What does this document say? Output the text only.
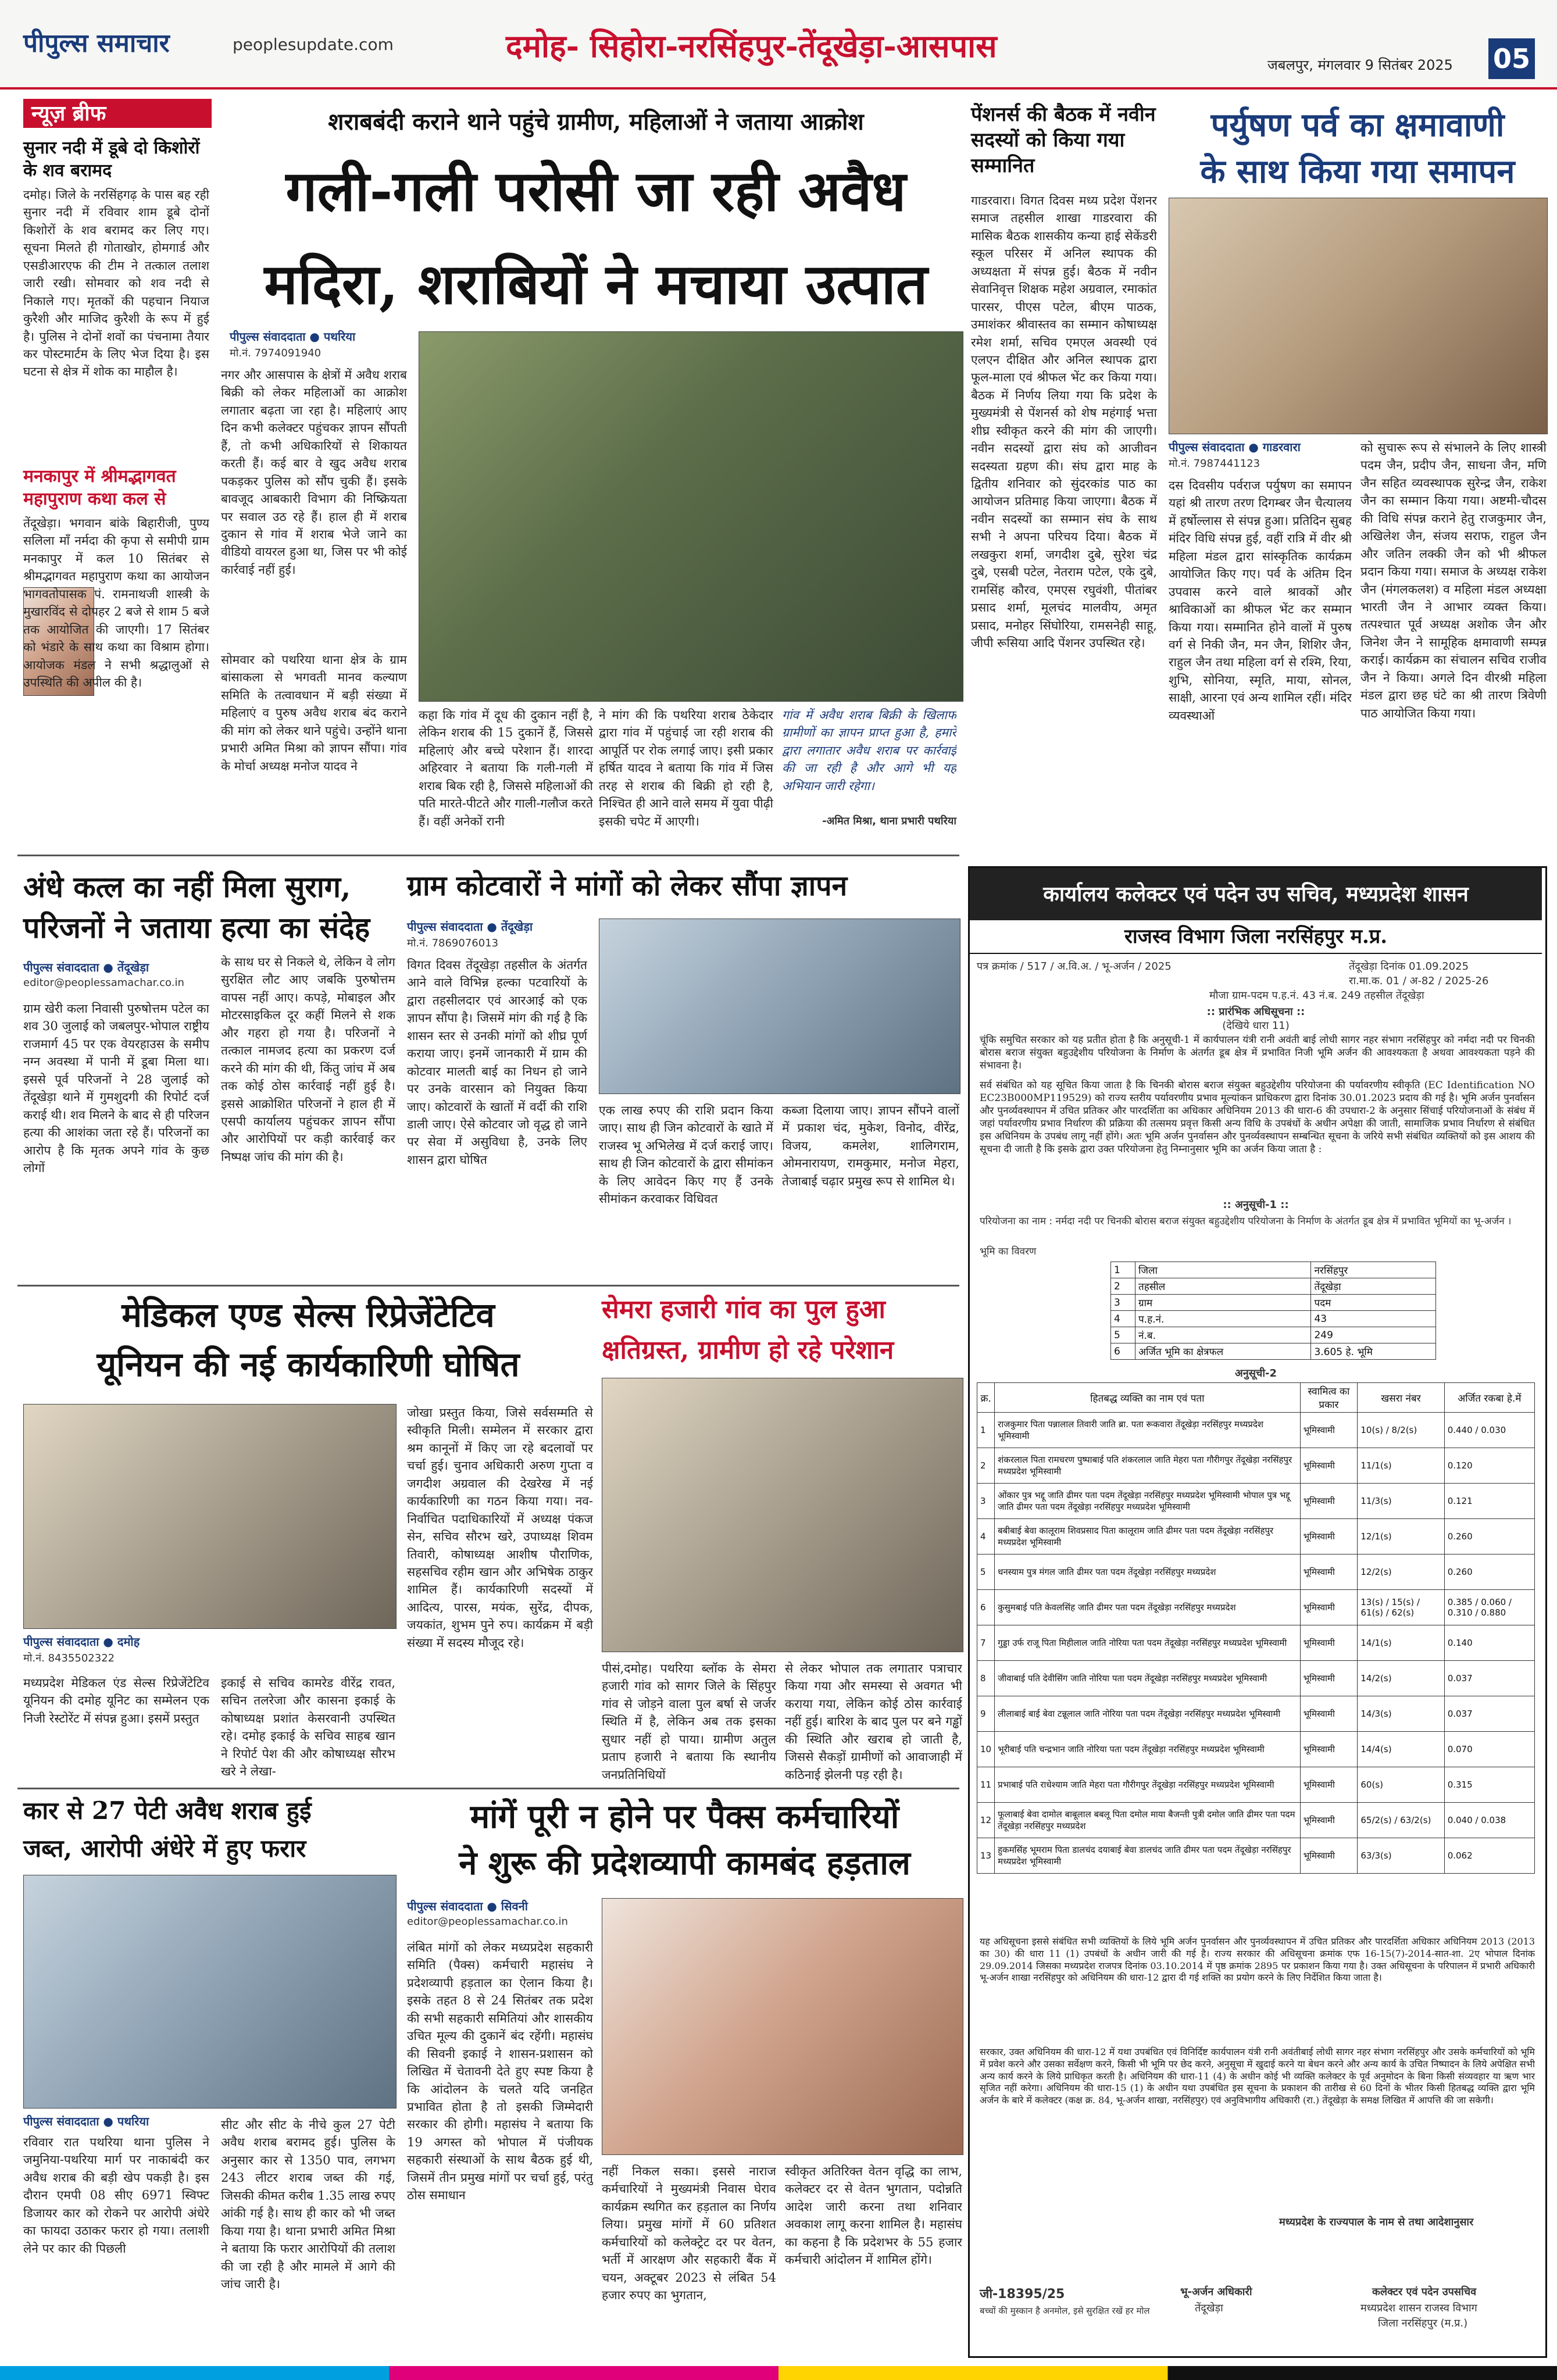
पीपुल्स समाचार	peoplesupdate.com	दमोह- सिहोरा-नरसिंहपुर-तेंदूखेड़ा-आसपास
जबलपुर, मंगलवार 9 सितंबर 2025 05
न्यूज़ ब्रीफ
सुनार नदी में डूबे दो किशोरों के शव बरामद
दमोह। जिले के नरसिंहगढ़ के पास बह रही सुनार नदी में रविवार शाम डूबे दोनों किशोरों के शव बरामद कर लिए गए। सूचना मिलते ही गोताखोर, होमगार्ड और एसडीआरएफ की टीम ने तत्काल तलाश जारी रखी। सोमवार को शव नदी से निकाले गए। मृतकों की पहचान नियाज कुरैशी और माजिद कुरैशी के रूप में हुई है। पुलिस ने दोनों शवों का पंचनामा तैयार कर पोस्टमार्टम के लिए भेज दिया है। इस घटना से क्षेत्र में शोक का माहौल है।
मनकापुर में श्रीमद्भागवत महापुराण कथा कल से
तेंदूखेड़ा। भगवान बांके बिहारीजी, पुण्य सलिला माँ नर्मदा की कृपा से समीपी ग्राम मनकापुर में कल 10 सितंबर से श्रीमद्भागवत महापुराण कथा का आयोजन भागवतोपासक पं. रामनाथजी शास्त्री के मुखारविंद से दोपहर 2 बजे से शाम 5 बजे तक आयोजित की जाएगी। 17 सितंबर को भंडारे के साथ कथा का विश्राम होगा। आयोजक मंडल ने सभी श्रद्धालुओं से उपस्थिति की अपील की है।
शराबबंदी कराने थाने पहुंचे ग्रामीण, महिलाओं ने जताया आक्रोश
गली-गली परोसी जा रही अवैध
मदिरा, शराबियों ने मचाया उत्पात
पीपुल्स संवाददाता ● पथरिया
मो.नं. 7974091940
नगर और आसपास के क्षेत्रों में अवैध शराब बिक्री को लेकर महिलाओं का आक्रोश लगातार बढ़ता जा रहा है। महिलाएं आए दिन कभी कलेक्टर पहुंचकर ज्ञापन सौंपती हैं, तो कभी अधिकारियों से शिकायत करती हैं। कई बार वे खुद अवैध शराब पकड़कर पुलिस को सौंप चुकी हैं। इसके बावजूद आबकारी विभाग की निष्क्रियता पर सवाल उठ रहे हैं। हाल ही में शराब दुकान से गांव में शराब भेजे जाने का वीडियो वायरल हुआ था, जिस पर भी कोई कार्रवाई नहीं हुई।
सोमवार को पथरिया थाना क्षेत्र के ग्राम बांसाकला से भगवती मानव कल्याण समिति के तत्वावधान में बड़ी संख्या में महिलाएं व पुरुष अवैध शराब बंद कराने की मांग को लेकर थाने पहुंचे। उन्होंने थाना प्रभारी अमित मिश्रा को ज्ञापन सौंपा। गांव के मोर्चा अध्यक्ष मनोज यादव ने
कहा कि गांव में दूध की दुकान नहीं है, लेकिन शराब की 15 दुकानें हैं, जिससे महिलाएं और बच्चे परेशान हैं। शारदा अहिरवार ने बताया कि गली-गली में शराब बिक रही है, जिससे महिलाओं की पति मारते-पीटते और गाली-गलौज करते हैं। वहीं अनेकों रानी
ने मांग की कि पथरिया शराब ठेकेदार द्वारा गांव में पहुंचाई जा रही शराब की आपूर्ति पर रोक लगाई जाए। इसी प्रकार हर्षित यादव ने बताया कि गांव में जिस तरह से शराब की बिक्री हो रही है, निश्चित ही आने वाले समय में युवा पीढ़ी इसकी चपेट में आएगी।
गांव में अवैध शराब बिक्री के खिलाफ ग्रामीणों का ज्ञापन प्राप्त हुआ है, हमारे द्वारा लगातार अवैध शराब पर कार्रवाई की जा रही है और आगे भी यह अभियान जारी रहेगा।
-अमित मिश्रा, थाना प्रभारी पथरिया
पेंशनर्स की बैठक में नवीन सदस्यों को किया गया सम्मानित
गाडरवारा। विगत दिवस मध्य प्रदेश पेंशनर समाज तहसील शाखा गाडरवारा की मासिक बैठक शासकीय कन्या हाई सेकेंडरी स्कूल परिसर में अनिल स्थापक की अध्यक्षता में संपन्न हुई। बैठक में नवीन सेवानिवृत्त शिक्षक महेश अग्रवाल, रमाकांत पारसर, पीएस पटेल, बीएम पाठक, उमाशंकर श्रीवास्तव का सम्मान कोषाध्यक्ष रमेश शर्मा, सचिव एमएल अवस्थी एवं एलएन दीक्षित और अनिल स्थापक द्वारा फूल-माला एवं श्रीफल भेंट कर किया गया। बैठक में निर्णय लिया गया कि प्रदेश के मुख्यमंत्री से पेंशनर्स को शेष महंगाई भत्ता शीघ्र स्वीकृत करने की मांग की जाएगी। नवीन सदस्यों द्वारा संघ को आजीवन सदस्यता ग्रहण की। संघ द्वारा माह के द्वितीय शनिवार को सुंदरकांड पाठ का आयोजन प्रतिमाह किया जाएगा। बैठक में नवीन सदस्यों का सम्मान संघ के साथ सभी ने अपना परिचय दिया। बैठक में लखकुरा शर्मा, जगदीश दुबे, सुरेश चंद्र दुबे, एसबी पटेल, नेतराम पटेल, एके दुबे, रामसिंह कौरव, एमएस रघुवंशी, पीतांबर प्रसाद शर्मा, मूलचंद मालवीय, अमृत प्रसाद, मनोहर सिंघोरिया, रामसनेही साहू, जीपी रूसिया आदि पेंशनर उपस्थित रहे।
पर्युषण पर्व का क्षमावाणी
के साथ किया गया समापन
पीपुल्स संवाददाता ● गाडरवारा
मो.नं. 7987441123
दस दिवसीय पर्वराज पर्युषण का समापन यहां श्री तारण तरण दिगम्बर जैन चैत्यालय में हर्षोल्लास से संपन्न हुआ। प्रतिदिन सुबह मंदिर विधि संपन्न हुई, वहीं रात्रि में वीर श्री महिला मंडल द्वारा सांस्कृतिक कार्यक्रम आयोजित किए गए। पर्व के अंतिम दिन उपवास करने वाले श्रावकों और श्राविकाओं का श्रीफल भेंट कर सम्मान किया गया। सम्मानित होने वालों में पुरुष वर्ग से निकी जैन, मन जैन, शिशिर जैन, राहुल जैन तथा महिला वर्ग से रश्मि, रिया, शुभि, सोनिया, स्मृति, माया, सोनल, साक्षी, आरना एवं अन्य शामिल रहीं। मंदिर व्यवस्थाओं
को सुचारू रूप से संभालने के लिए शास्त्री पदम जैन, प्रदीप जैन, साधना जैन, मणि जैन सहित व्यवस्थापक सुरेन्द्र जैन, राकेश जैन का सम्मान किया गया। अष्टमी-चौदस की विधि संपन्न कराने हेतु राजकुमार जैन, अखिलेश जैन, संजय सराफ, राहुल जैन और जतिन लक्की जैन को भी श्रीफल प्रदान किया गया। समाज के अध्यक्ष राकेश जैन (मंगलकलश) व महिला मंडल अध्यक्षा भारती जैन ने आभार व्यक्त किया। तत्पश्चात पूर्व अध्यक्ष अशोक जैन और जिनेश जैन ने सामूहिक क्षमावाणी सम्पन्न कराई। कार्यक्रम का संचालन सचिव राजीव जैन ने किया। अगले दिन वीरश्री महिला मंडल द्वारा छह घंटे का श्री तारण त्रिवेणी पाठ आयोजित किया गया।
अंधे कत्ल का नहीं मिला सुराग,
परिजनों ने जताया हत्या का संदेह
पीपुल्स संवाददाता ● तेंदूखेड़ा
editor@peoplessamachar.co.in
ग्राम खेरी कला निवासी पुरुषोत्तम पटेल का शव 30 जुलाई को जबलपुर-भोपाल राष्ट्रीय राजमार्ग 45 पर एक वेयरहाउस के समीप नग्न अवस्था में पानी में डूबा मिला था। इससे पूर्व परिजनों ने 28 जुलाई को तेंदूखेड़ा थाने में गुमशुदगी की रिपोर्ट दर्ज कराई थी। शव मिलने के बाद से ही परिजन हत्या की आशंका जता रहे हैं। परिजनों का आरोप है कि मृतक अपने गांव के कुछ लोगों
के साथ घर से निकले थे, लेकिन वे लोग सुरक्षित लौट आए जबकि पुरुषोत्तम वापस नहीं आए। कपड़े, मोबाइल और मोटरसाइकिल दूर कहीं मिलने से शक और गहरा हो गया है। परिजनों ने तत्काल नामजद हत्या का प्रकरण दर्ज करने की मांग की थी, किंतु जांच में अब तक कोई ठोस कार्रवाई नहीं हुई है। इससे आक्रोशित परिजनों ने हाल ही में एसपी कार्यालय पहुंचकर ज्ञापन सौंपा और आरोपियों पर कड़ी कार्रवाई कर निष्पक्ष जांच की मांग की है।
ग्राम कोटवारों ने मांगों को लेकर सौंपा ज्ञापन
पीपुल्स संवाददाता ● तेंदूखेड़ा
मो.नं. 7869076013
विगत दिवस तेंदूखेड़ा तहसील के अंतर्गत आने वाले विभिन्न हल्का पटवारियों के द्वारा तहसीलदार एवं आरआई को एक ज्ञापन सौंपा है। जिसमें मांग की गई है कि शासन स्तर से उनकी मांगों को शीघ्र पूर्ण कराया जाए। इनमें जानकारी में ग्राम की कोटवार मालती बाई का निधन हो जाने पर उनके वारसान को नियुक्त किया जाए। कोटवारों के खातों में वर्दी की राशि डाली जाए। ऐसे कोटवार जो वृद्ध हो जाने पर सेवा में असुविधा है, उनके लिए शासन द्वारा घोषित
एक लाख रुपए की राशि प्रदान किया जाए। साथ ही जिन कोटवारों के खाते में राजस्व भू अभिलेख में दर्ज कराई जाए। साथ ही जिन कोटवारों के द्वारा सीमांकन के लिए आवेदन किए गए हैं उनके सीमांकन करवाकर विधिवत
कब्जा दिलाया जाए। ज्ञापन सौंपने वालों में प्रकाश चंद, मुकेश, विनोद, वीरेंद्र, विजय, कमलेश, शालिगराम, ओमनारायण, रामकुमार, मनोज मेहरा, तेजाबाई चढ़ार प्रमुख रूप से शामिल थे।
मेडिकल एण्ड सेल्स रिप्रेजेंटेटिव
यूनियन की नई कार्यकारिणी घोषित
पीपुल्स संवाददाता ● दमोह
मो.नं. 8435502322
मध्यप्रदेश मेडिकल एंड सेल्स रिप्रेजेंटेटिव यूनियन की दमोह यूनिट का सम्मेलन एक निजी रेस्टोरेंट में संपन्न हुआ। इसमें प्रस्तुत
इकाई से सचिव कामरेड वीरेंद्र रावत, सचिन तलरेजा और कासना इकाई के कोषाध्यक्ष प्रशांत केसरवानी उपस्थित रहे। दमोह इकाई के सचिव साहब खान ने रिपोर्ट पेश की और कोषाध्यक्ष सौरभ खरे ने लेखा-
जोखा प्रस्तुत किया, जिसे सर्वसम्मति से स्वीकृति मिली। सम्मेलन में सरकार द्वारा श्रम कानूनों में किए जा रहे बदलावों पर चर्चा हुई। चुनाव अधिकारी अरुण गुप्ता व जगदीश अग्रवाल की देखरेख में नई कार्यकारिणी का गठन किया गया। नव-निर्वाचित पदाधिकारियों में अध्यक्ष पंकज सेन, सचिव सौरभ खरे, उपाध्यक्ष शिवम तिवारी, कोषाध्यक्ष आशीष पौराणिक, सहसचिव रहीम खान और अभिषेक ठाकुर शामिल हैं। कार्यकारिणी सदस्यों में आदित्य, पारस, मयंक, सुरेंद्र, दीपक, जयकांत, शुभम पुने रुप। कार्यक्रम में बड़ी संख्या में सदस्य मौजूद रहे।
सेमरा हजारी गांव का पुल हुआ
क्षतिग्रस्त, ग्रामीण हो रहे परेशान
पीसं,दमोह। पथरिया ब्लॉक के सेमरा हजारी गांव को सागर जिले के सिंहपुर गांव से जोड़ने वाला पुल बर्षा से जर्जर स्थिति में है, लेकिन अब तक इसका सुधार नहीं हो पाया। ग्रामीण अतुल प्रताप हजारी ने बताया कि स्थानीय जनप्रतिनिधियों
से लेकर भोपाल तक लगातार पत्राचार किया गया और समस्या से अवगत भी कराया गया, लेकिन कोई ठोस कार्रवाई नहीं हुई। बारिश के बाद पुल पर बने गड्ढों की स्थिति और खराब हो जाती है, जिससे सैकड़ों ग्रामीणों को आवाजाही में कठिनाई झेलनी पड़ रही है।
कार से 27 पेटी अवैध शराब हुई
जब्त, आरोपी अंधेरे में हुए फरार
पीपुल्स संवाददाता ● पथरिया
रविवार रात पथरिया थाना पुलिस ने जमुनिया-पथरिया मार्ग पर नाकाबंदी कर अवैध शराब की बड़ी खेप पकड़ी है। इस दौरान एमपी 08 सीए 6971 स्विफ्ट डिजायर कार को रोकने पर आरोपी अंधेरे का फायदा उठाकर फरार हो गया। तलाशी लेने पर कार की पिछली
सीट और सीट के नीचे कुल 27 पेटी अवैध शराब बरामद हुई। पुलिस के अनुसार कार से 1350 पाव, लगभग 243 लीटर शराब जब्त की गई, जिसकी कीमत करीब 1.35 लाख रुपए आंकी गई है। साथ ही कार को भी जब्त किया गया है। थाना प्रभारी अमित मिश्रा ने बताया कि फरार आरोपियों की तलाश की जा रही है और मामले में आगे की जांच जारी है।
मांगें पूरी न होने पर पैक्स कर्मचारियों
ने शुरू की प्रदेशव्यापी कामबंद हड़ताल
पीपुल्स संवाददाता ● सिवनी
editor@peoplessamachar.co.in
लंबित मांगों को लेकर मध्यप्रदेश सहकारी समिति (पैक्स) कर्मचारी महासंघ ने प्रदेशव्यापी हड़ताल का ऐलान किया है। इसके तहत 8 से 24 सितंबर तक प्रदेश की सभी सहकारी समितियां और शासकीय उचित मूल्य की दुकानें बंद रहेंगी। महासंघ की सिवनी इकाई ने शासन-प्रशासन को लिखित में चेतावनी देते हुए स्पष्ट किया है कि आंदोलन के चलते यदि जनहित प्रभावित होता है तो इसकी जिम्मेदारी सरकार की होगी। महासंघ ने बताया कि 19 अगस्त को भोपाल में पंजीयक सहकारी संस्थाओं के साथ बैठक हुई थी, जिसमें तीन प्रमुख मांगों पर चर्चा हुई, परंतु ठोस समाधान
नहीं निकल सका। इससे नाराज कर्मचारियों ने मुख्यमंत्री निवास घेराव कार्यक्रम स्थगित कर हड़ताल का निर्णय लिया। प्रमुख मांगों में 60 प्रतिशत कर्मचारियों को कलेक्ट्रेट दर पर वेतन, भर्ती में आरक्षण और सहकारी बैंक में चयन, अक्टूबर 2023 से लंबित 54 हजार रुपए का भुगतान,
स्वीकृत अतिरिक्त वेतन वृद्धि का लाभ, कलेक्टर दर से वेतन भुगतान, पदोन्नति आदेश जारी करना तथा शनिवार अवकाश लागू करना शामिल है। महासंघ का कहना है कि प्रदेशभर के 55 हजार कर्मचारी आंदोलन में शामिल होंगे।
कार्यालय कलेक्टर एवं पदेन उप सचिव, मध्यप्रदेश शासन
राजस्व विभाग जिला नरसिंहपुर म.प्र.
पत्र क्रमांक / 517 / अ.वि.अ. / भू-अर्जन / 2025	तेंदूखेड़ा दिनांक 01.09.2025
रा.मा.क. 01 / अ-82 / 2025-26
मौजा ग्राम-पदम प.ह.नं. 43 नं.ब. 249 तहसील तेंदूखेड़ा
:: प्रारंभिक अधिसूचना ::
(देखिये धारा 11)
चूंकि समुचित सरकार को यह प्रतीत होता है कि अनुसूची-1 में कार्यपालन यंत्री रानी अवंती बाई लोधी सागर नहर संभाग नरसिंहपुर को नर्मदा नदी पर चिनकी बोरास बराज संयुक्त बहुउद्देशीय परियोजना के निर्माण के अंतर्गत डूब क्षेत्र में प्रभावित निजी भूमि अर्जन की आवश्यकता है अथवा आवश्यकता पड़ने की संभावना है।
सर्व संबंधित को यह सूचित किया जाता है कि चिनकी बोरास बराज संयुक्त बहुउद्देशीय परियोजना की पर्यावरणीय स्वीकृति (EC Identification NO EC23B000MP119529) को राज्य स्तरीय पर्यावरणीय प्रभाव मूल्यांकन प्राधिकरण द्वारा दिनांक 30.01.2023 प्रदाय की गई है। भूमि अर्जन पुनर्वासन और पुनर्व्यवस्थापन में उचित प्रतिकर और पारदर्शिता का अधिकार अधिनियम 2013 की धारा-6 की उपधारा-2 के अनुसार सिंचाई परियोजनाओं के संबंध में जहां पर्यावरणीय प्रभाव निर्धारण की प्रक्रिया की तत्समय प्रवृत्त किसी अन्य विधि के उपबंधों के अधीन अपेक्षा की जाती, सामाजिक प्रभाव निर्धारण से संबंधित इस अधिनियम के उपबंध लागू नहीं होंगे। अतः भूमि अर्जन पुनर्वासन और पुनर्व्यवस्थापन सम्बन्धित सूचना के जरिये सभी संबंधित व्यक्तियों को इस आशय की सूचना दी जाती है कि इसके द्वारा उक्त परियोजना हेतु निम्नानुसार भूमि का अर्जन किया जाता है :
:: अनुसूची-1 ::
परियोजना का नाम : नर्मदा नदी पर चिनकी बोरास बराज संयुक्त बहुउद्देशीय परियोजना के निर्माण के अंतर्गत डूब क्षेत्र में प्रभावित भूमियों का भू-अर्जन ।
भूमि का विवरण
1	जिला	नरसिंहपुर
2	तहसील	तेंदूखेड़ा
3	ग्राम	पदम
4	प.ह.नं.	43
5	नं.ब.	249
6	अर्जित भूमि का क्षेत्रफल	3.605 हे. भूमि
अनुसूची-2
क्र.	हितबद्ध व्यक्ति का नाम एवं पता	स्वामित्व का प्रकार	खसरा नंबर	अर्जित रकबा हे.में
1	राजकुमार पिता पन्नालाल तिवारी जाति ब्रा. पता रूकवारा तेंदूखेड़ा नरसिंहपुर मध्यप्रदेश भूमिस्वामी	भूमिस्वामी	10(s) / 8/2(s)	0.440 / 0.030
2	शंकरलाल पिता रामचरण पुष्पाबाई पति शंकरलाल जाति मेहरा पता गौरीगपुर तेंदूखेड़ा नरसिंहपुर मध्यप्रदेश भूमिस्वामी	भूमिस्वामी	11/1(s)	0.120
3	ओंकार पुत्र भद्दू जाति ढीमर पता पदम तेंदूखेड़ा नरसिंहपुर मध्यप्रदेश भूमिस्वामी भोपाल पुत्र भद्दू जाति ढीमर पता पदम तेंदूखेड़ा नरसिंहपुर मध्यप्रदेश भूमिस्वामी	भूमिस्वामी	11/3(s)	0.121
4	बबीबाई बेवा कालूराम शिवप्रसाद पिता कालूराम जाति ढीमर पता पदम तेंदूखेड़ा नरसिंहपुर मध्यप्रदेश भूमिस्वामी	भूमिस्वामी	12/1(s)	0.260
5	धनस्याम पुत्र मंगल जाति ढीमर पता पदम तेंदूखेड़ा नरसिंहपुर मध्यप्रदेश	भूमिस्वामी	12/2(s)	0.260
6	कुसुमबाई पति केवलसिंह जाति ढीमर पता पदम तेंदूखेड़ा नरसिंहपुर मध्यप्रदेश	भूमिस्वामी	13(s) / 15(s) / 61(s) / 62(s)	0.385 / 0.060 / 0.310 / 0.880
7	गुड्डा उर्फ राजू पिता मिहीलाल जाति नोरिया पता पदम तेंदूखेड़ा नरसिंहपुर मध्यप्रदेश भूमिस्वामी	भूमिस्वामी	14/1(s)	0.140
8	जीवाबाई पति देवीसिंग जाति नोरिया पता पदम तेंदूखेड़ा नरसिंहपुर मध्यप्रदेश भूमिस्वामी	भूमिस्वामी	14/2(s)	0.037
9	लीलाबाई बाई बेवा टन्नूलाल जाति नोरिया पता पदम तेंदूखेड़ा नरसिंहपुर मध्यप्रदेश भूमिस्वामी	भूमिस्वामी	14/3(s)	0.037
10	भूरीबाई पति चन्द्रभान जाति नोरिया पता पदम तेंदूखेड़ा नरसिंहपुर मध्यप्रदेश भूमिस्वामी	भूमिस्वामी	14/4(s)	0.070
11	प्रभाबाई पति राधेश्याम जाति मेहरा पता गौरीगपुर तेंदूखेड़ा नरसिंहपुर मध्यप्रदेश भूमिस्वामी	भूमिस्वामी	60(s)	0.315
12	फूलाबाई बेवा दामोल बाबूलाल बबलू पिता दमोल माया बैजन्ती पुत्री दमोल जाति ढीमर पता पदम तेंदूखेड़ा नरसिंहपुर मध्यप्रदेश	भूमिस्वामी	65/2(s) / 63/2(s)	0.040 / 0.038
13	हुकमसिंह भूमराम पिता डालचंद दयाबाई बेवा डालचंद जाति ढीमर पता पदम तेंदूखेड़ा नरसिंहपुर मध्यप्रदेश भूमिस्वामी	भूमिस्वामी	63/3(s)	0.062
यह अधिसूचना इससे संबंधित सभी व्यक्तियों के लिये भूमि अर्जन पुनर्वासन और पुनर्व्यवस्थापन में उचित प्रतिकर और पारदर्शिता अधिकार अधिनियम 2013 (2013 का 30) की धारा 11 (1) उपबंधों के अधीन जारी की गई है। राज्य सरकार की अधिसूचना क्रमांक एफ 16-15(7)-2014-सात-शा. 2ए भोपाल दिनांक 29.09.2014 जिसका मध्यप्रदेश राजपत्र दिनांक 03.10.2014 में पृष्ठ क्रमांक 2895 पर प्रकाशन किया गया है। उक्त अधिसूचना के परिपालन में प्रभारी अधिकारी भू-अर्जन शाखा नरसिंहपुर को अधिनियम की धारा-12 द्वारा दी गई शक्ति का प्रयोग करने के लिए निर्देशित किया जाता है।
सरकार, उक्त अधिनियम की धारा-12 में यथा उपबंधित एवं विनिर्दिष्ट कार्यपालन यंत्री रानी अवंतीबाई लोधी सागर नहर संभाग नरसिंहपुर और उसके कर्मचारियों को भूमि में प्रवेश करने और उसका सर्वेक्षण करने, किसी भी भूमि पर छेद करने, अनुसूचा में खुदाई करने या बेधन करने और अन्य कार्य के उचित निष्पादन के लिये अपेक्षित सभी अन्य कार्य करने के लिये प्राधिकृत करती है। अधिनियम की धारा-11 (4) के अधीन कोई भी व्यक्ति कलेक्टर के पूर्व अनुमोदन के बिना किसी संव्यवहार या ऋण भार सृजित नहीं करेगा। अधिनियम की धारा-15 (1) के अधीन यथा उपबंधित इस सूचना के प्रकाशन की तारीख से 60 दिनों के भीतर किसी हितबद्ध व्यक्ति द्वारा भूमि अर्जन के बारे में कलेक्टर (कक्ष क्र. 84, भू-अर्जन शाखा, नरसिंहपुर) एवं अनुविभागीय अधिकारी (रा.) तेंदूखेड़ा के समक्ष लिखित में आपत्ति की जा सकेगी।
मध्यप्रदेश के राज्यपाल के नाम से तथा आदेशानुसार
जी-18395/25
बच्चों की मुस्कान है अनमोल, इसे सुरक्षित रखें हर मोल
भू-अर्जन अधिकारी
तेंदूखेड़ा
कलेक्टर एवं पदेन उपसचिव
मध्यप्रदेश शासन राजस्व विभाग
जिला नरसिंहपुर (म.प्र.)
